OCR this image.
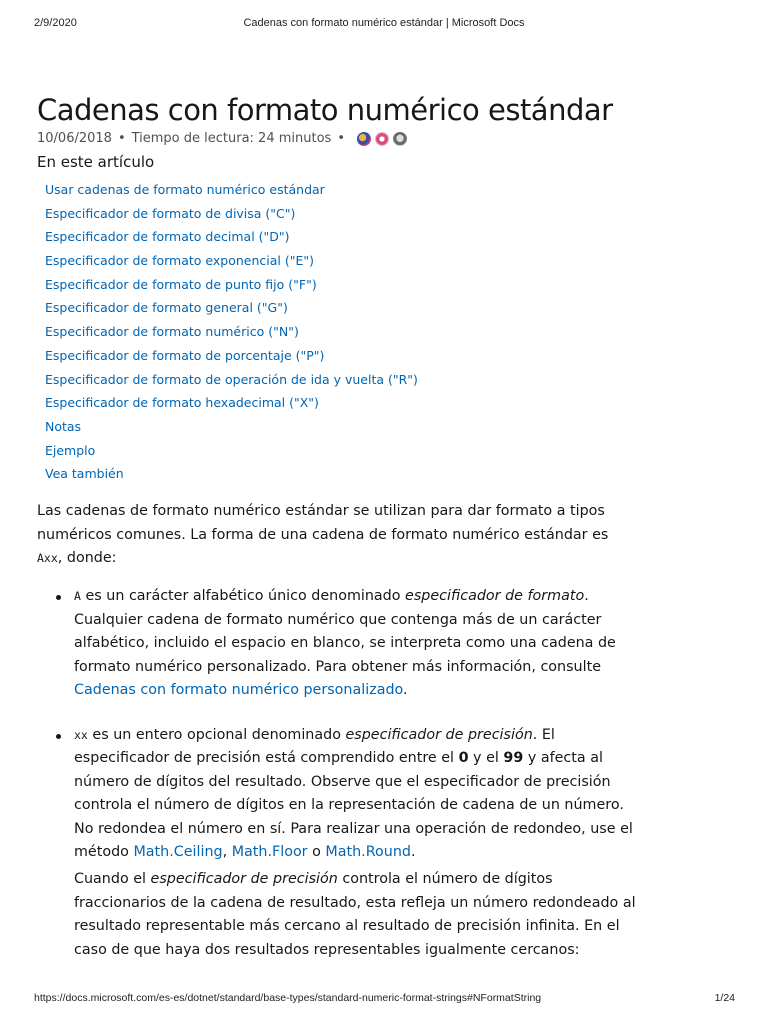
2/9/2020	Cadenas con formato numérico estándar | Microsoft Docs
Cadenas con formato numérico estándar
10/06/2018 • Tiempo de lectura: 24 minutos •
En este artículo
Usar cadenas de formato numérico estándar
Especificador de formato de divisa ("C")
Especificador de formato decimal ("D")
Especificador de formato exponencial ("E")
Especificador de formato de punto fijo ("F")
Especificador de formato general ("G")
Especificador de formato numérico ("N")
Especificador de formato de porcentaje ("P")
Especificador de formato de operación de ida y vuelta ("R")
Especificador de formato hexadecimal ("X")
Notas
Ejemplo
Vea también

Las cadenas de formato numérico estándar se utilizan para dar formato a tipos numéricos comunes. La forma de una cadena de formato numérico estándar es Axx, donde:

A es un carácter alfabético único denominado especificador de formato. Cualquier cadena de formato numérico que contenga más de un carácter alfabético, incluido el espacio en blanco, se interpreta como una cadena de formato numérico personalizado. Para obtener más información, consulte Cadenas con formato numérico personalizado.
xx es un entero opcional denominado especificador de precisión. El especificador de precisión está comprendido entre el 0 y el 99 y afecta al número de dígitos del resultado. Observe que el especificador de precisión controla el número de dígitos en la representación de cadena de un número. No redondea el número en sí. Para realizar una operación de redondeo, use el método Math.Ceiling, Math.Floor o Math.Round.

Cuando el especificador de precisión controla el número de dígitos fraccionarios de la cadena de resultado, esta refleja un número redondeado al resultado representable más cercano al resultado de precisión infinita. En el caso de que haya dos resultados representables igualmente cercanos:

https://docs.microsoft.com/es-es/dotnet/standard/base-types/standard-numeric-format-strings#NFormatString	1/24
